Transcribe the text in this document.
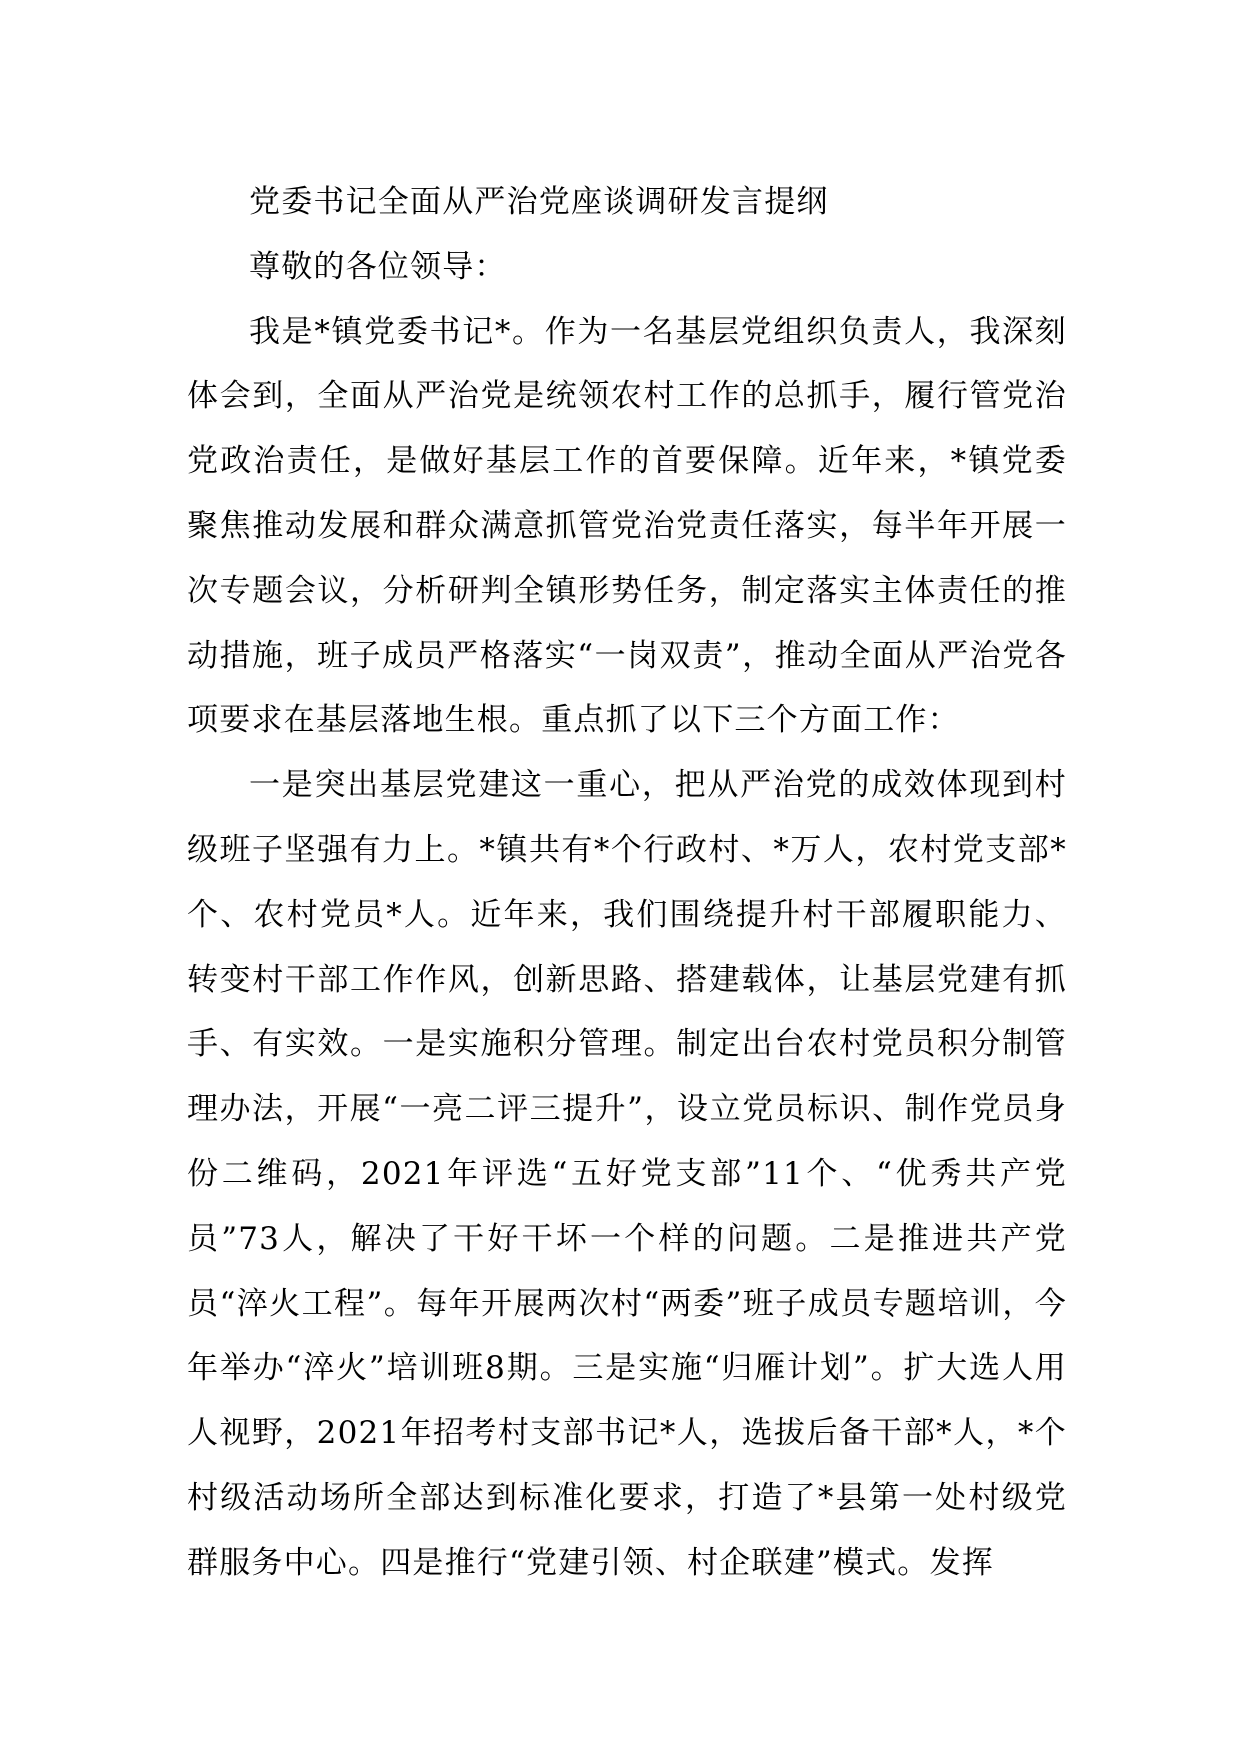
党委书记全面从严治党座谈调研发言提纲

尊敬的各位领导：

我是*镇党委书记*。作为一名基层党组织负责人，我深刻体会到，全面从严治党是统领农村工作的总抓手，履行管党治党政治责任，是做好基层工作的首要保障。近年来，*镇党委聚焦推动发展和群众满意抓管党治党责任落实，每半年开展一次专题会议，分析研判全镇形势任务，制定落实主体责任的推动措施，班子成员严格落实“一岗双责”，推动全面从严治党各项要求在基层落地生根。重点抓了以下三个方面工作：

一是突出基层党建这一重心，把从严治党的成效体现到村级班子坚强有力上。*镇共有*个行政村、*万人，农村党支部*个、农村党员*人。近年来，我们围绕提升村干部履职能力、转变村干部工作作风，创新思路、搭建载体，让基层党建有抓手、有实效。一是实施积分管理。制定出台农村党员积分制管理办法，开展“一亮二评三提升”，设立党员标识、制作党员身份二维码，2021年评选“五好党支部”11个、“优秀共产党员”73人，解决了干好干坏一个样的问题。二是推进共产党员“淬火工程”。每年开展两次村“两委”班子成员专题培训，今年举办“淬火”培训班8期。三是实施“归雁计划”。扩大选人用人视野，2021年招考村支部书记*人，选拔后备干部*人，*个村级活动场所全部达到标准化要求，打造了*县第一处村级党群服务中心。四是推行“党建引领、村企联建”模式。发挥
